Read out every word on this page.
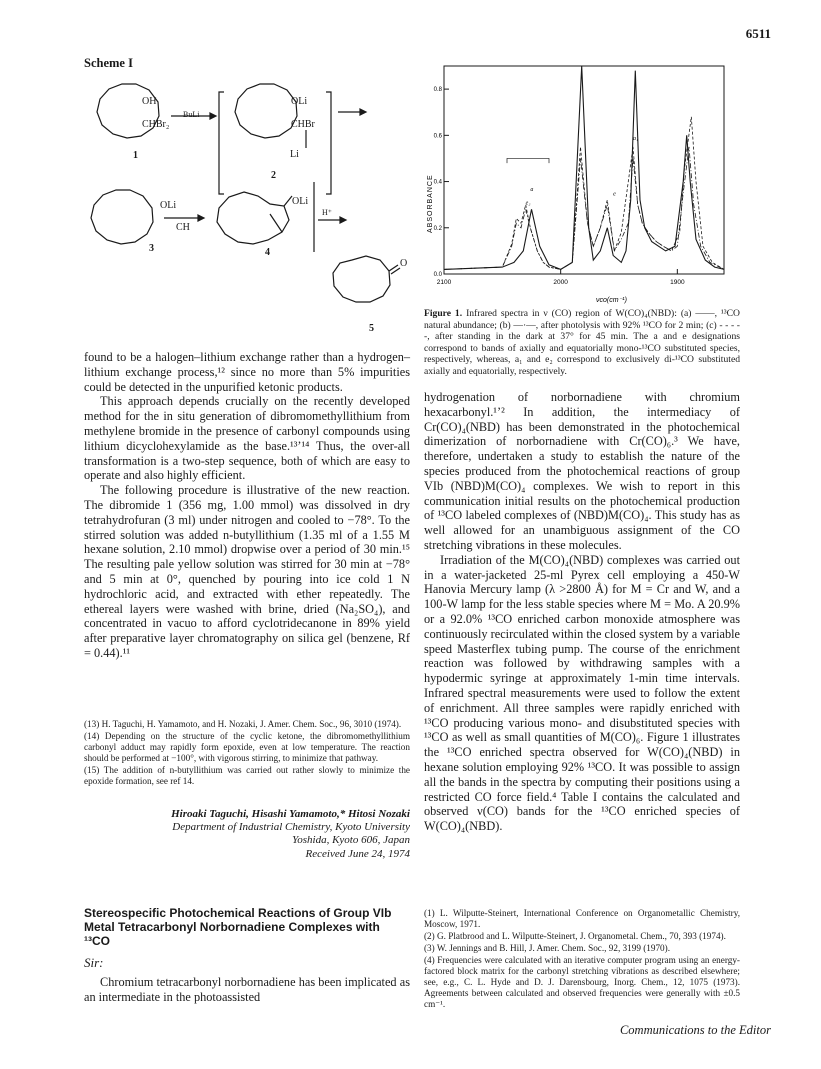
6511
Scheme I
OH
CHBr₂
1
BuLi
OLi
CHBr
Li
2
OLi
CH
3
OLi
4
H⁺
O
5
ABSORBANCE
νco(cm⁻¹)
0.0
0.2
0.4
0.6
0.8
2100	2000	1900
a
e
a₁
e₂
Figure 1. Infrared spectra in ν (CO) region of W(CO)₄(NBD): (a) ——, ¹³CO natural abundance; (b) —·—, after photolysis with 92% ¹³CO for 2 min; (c) - - - - -, after standing in the dark at 37° for 45 min. The a and e designations correspond to bands of axially and equatorially mono-¹³CO substituted species, respectively, whereas, a₁ and e₂ correspond to exclusively di-¹³CO substituted axially and equatorially, respectively.

found to be a halogen–lithium exchange rather than a hydrogen–lithium exchange process,¹² since no more than 5% impurities could be detected in the unpurified ketonic products.

This approach depends crucially on the recently developed method for the in situ generation of dibromomethyllithium from methylene bromide in the presence of carbonyl compounds using lithium dicyclohexylamide as the base.¹³ʼ¹⁴ Thus, the over-all transformation is a two-step sequence, both of which are easy to operate and also highly efficient.

The following procedure is illustrative of the new reaction. The dibromide 1 (356 mg, 1.00 mmol) was dissolved in dry tetrahydrofuran (3 ml) under nitrogen and cooled to −78°. To the stirred solution was added n-butyllithium (1.35 ml of a 1.55 M hexane solution, 2.10 mmol) dropwise over a period of 30 min.¹⁵ The resulting pale yellow solution was stirred for 30 min at −78° and 5 min at 0°, quenched by pouring into ice cold 1 N hydrochloric acid, and extracted with ether repeatedly. The ethereal layers were washed with brine, dried (Na₂SO₄), and concentrated in vacuo to afford cyclotridecanone in 89% yield after preparative layer chromatography on silica gel (benzene, Rf = 0.44).¹¹

(13) H. Taguchi, H. Yamamoto, and H. Nozaki, J. Amer. Chem. Soc., 96, 3010 (1974).

(14) Depending on the structure of the cyclic ketone, the dibromomethyllithium carbonyl adduct may rapidly form epoxide, even at low temperature. The reaction should be performed at −100°, with vigorous stirring, to minimize that pathway.

(15) The addition of n-butyllithium was carried out rather slowly to minimize the epoxide formation, see ref 14.

Hiroaki Taguchi, Hisashi Yamamoto,* Hitosi Nozaki
Department of Industrial Chemistry, Kyoto University
Yoshida, Kyoto 606, Japan
Received June 24, 1974
Stereospecific Photochemical Reactions of Group VIb Metal Tetracarbonyl Norbornadiene Complexes with ¹³CO
Sir:

Chromium tetracarbonyl norbornadiene has been implicated as an intermediate in the photoassisted

hydrogenation of norbornadiene with chromium hexacarbonyl.¹ʼ² In addition, the intermediacy of Cr(CO)₄(NBD) has been demonstrated in the photochemical dimerization of norbornadiene with Cr(CO)₆.³ We have, therefore, undertaken a study to establish the nature of the species produced from the photochemical reactions of group VIb (NBD)M(CO)₄ complexes. We wish to report in this communication initial results on the photochemical production of ¹³CO labeled complexes of (NBD)M(CO)₄. This study has as well allowed for an unambiguous assignment of the CO stretching vibrations in these molecules.

Irradiation of the M(CO)₄(NBD) complexes was carried out in a water-jacketed 25-ml Pyrex cell employing a 450-W Hanovia Mercury lamp (λ >2800 Å) for M = Cr and W, and a 100-W lamp for the less stable species where M = Mo. A 20.9% or a 92.0% ¹³CO enriched carbon monoxide atmosphere was continuously recirculated within the closed system by a variable speed Masterflex tubing pump. The course of the enrichment reaction was followed by withdrawing samples with a hypodermic syringe at approximately 1-min time intervals. Infrared spectral measurements were used to follow the extent of enrichment. All three samples were rapidly enriched with ¹³CO producing various mono- and disubstituted species with ¹³CO as well as small quantities of M(CO)₆. Figure 1 illustrates the ¹³CO enriched spectra observed for W(CO)₄(NBD) in hexane solution employing 92% ¹³CO. It was possible to assign all the bands in the spectra by computing their positions using a restricted CO force field.⁴ Table I contains the calculated and observed ν(CO) bands for the ¹³CO enriched species of W(CO)₄(NBD).

(1) L. Wilputte-Steinert, International Conference on Organometallic Chemistry, Moscow, 1971.

(2) G. Platbrood and L. Wilputte-Steinert, J. Organometal. Chem., 70, 393 (1974).

(3) W. Jennings and B. Hill, J. Amer. Chem. Soc., 92, 3199 (1970).

(4) Frequencies were calculated with an iterative computer program using an energy-factored block matrix for the carbonyl stretching vibrations as described elsewhere; see, e.g., C. L. Hyde and D. J. Darensbourg, Inorg. Chem., 12, 1075 (1973). Agreements between calculated and observed frequencies were generally with ±0.5 cm⁻¹.

Communications to the Editor
